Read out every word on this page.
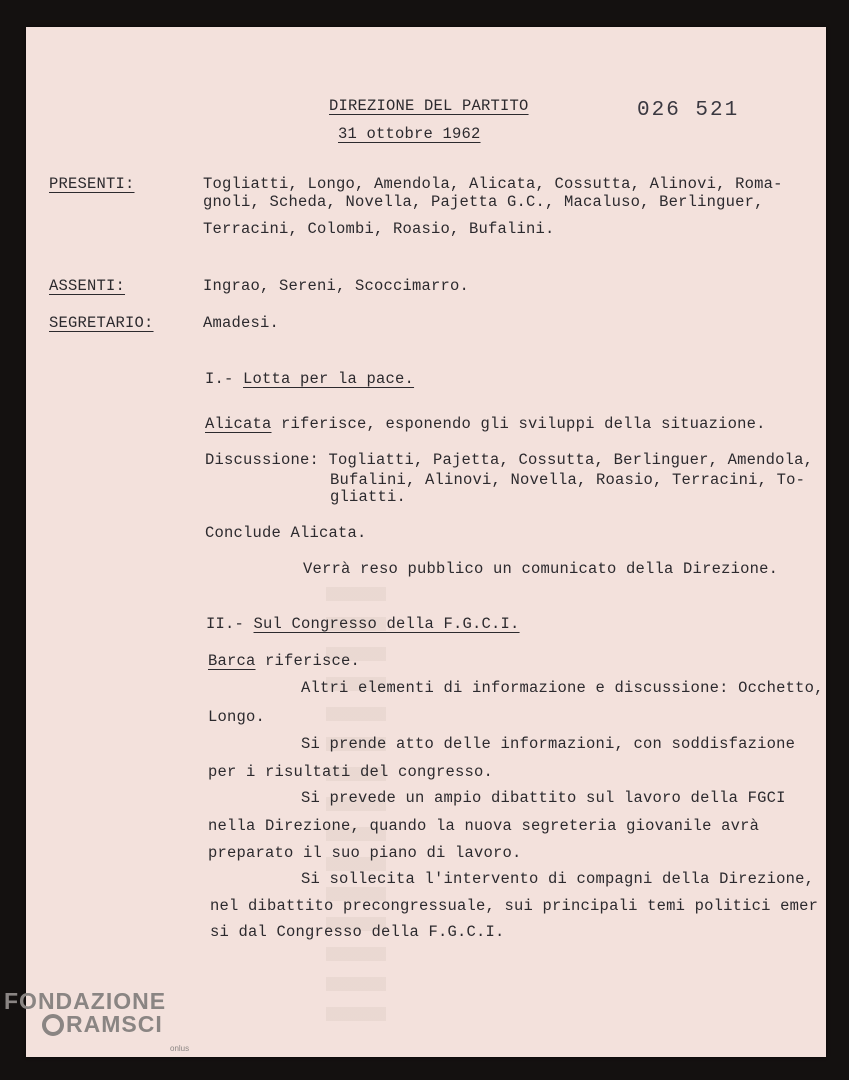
026 521
DIREZIONE DEL PARTITO
31 ottobre 1962
PRESENTI:	Togliatti, Longo, Amendola, Alicata, Cossutta, Alinovi, Roma-
gnoli, Scheda, Novella, Pajetta G.C., Macaluso, Berlinguer,
Terracini, Colombi, Roasio, Bufalini.
ASSENTI:	Ingrao, Sereni, Scoccimarro.
SEGRETARIO:	Amadesi.
I.- Lotta per la pace.
Alicata riferisce, esponendo gli sviluppi della situazione.
Discussione: Togliatti, Pajetta, Cossutta, Berlinguer, Amendola,
Bufalini, Alinovi, Novella, Roasio, Terracini, To-
gliatti.
Conclude Alicata.
Verrà reso pubblico un comunicato della Direzione.
II.- Sul Congresso della F.G.C.I.
Barca riferisce.
Altri elementi di informazione e discussione: Occhetto,
Longo.
Si prende atto delle informazioni, con soddisfazione
per i risultati del congresso.
Si prevede un ampio dibattito sul lavoro della FGCI
nella Direzione, quando la nuova segreteria giovanile avrà
preparato il suo piano di lavoro.
Si sollecita l'intervento di compagni della Direzione,
nel dibattito precongressuale, sui principali temi politici emer
si dal Congresso della F.G.C.I.
FONDAZIONE
RAMSCI
onlus
